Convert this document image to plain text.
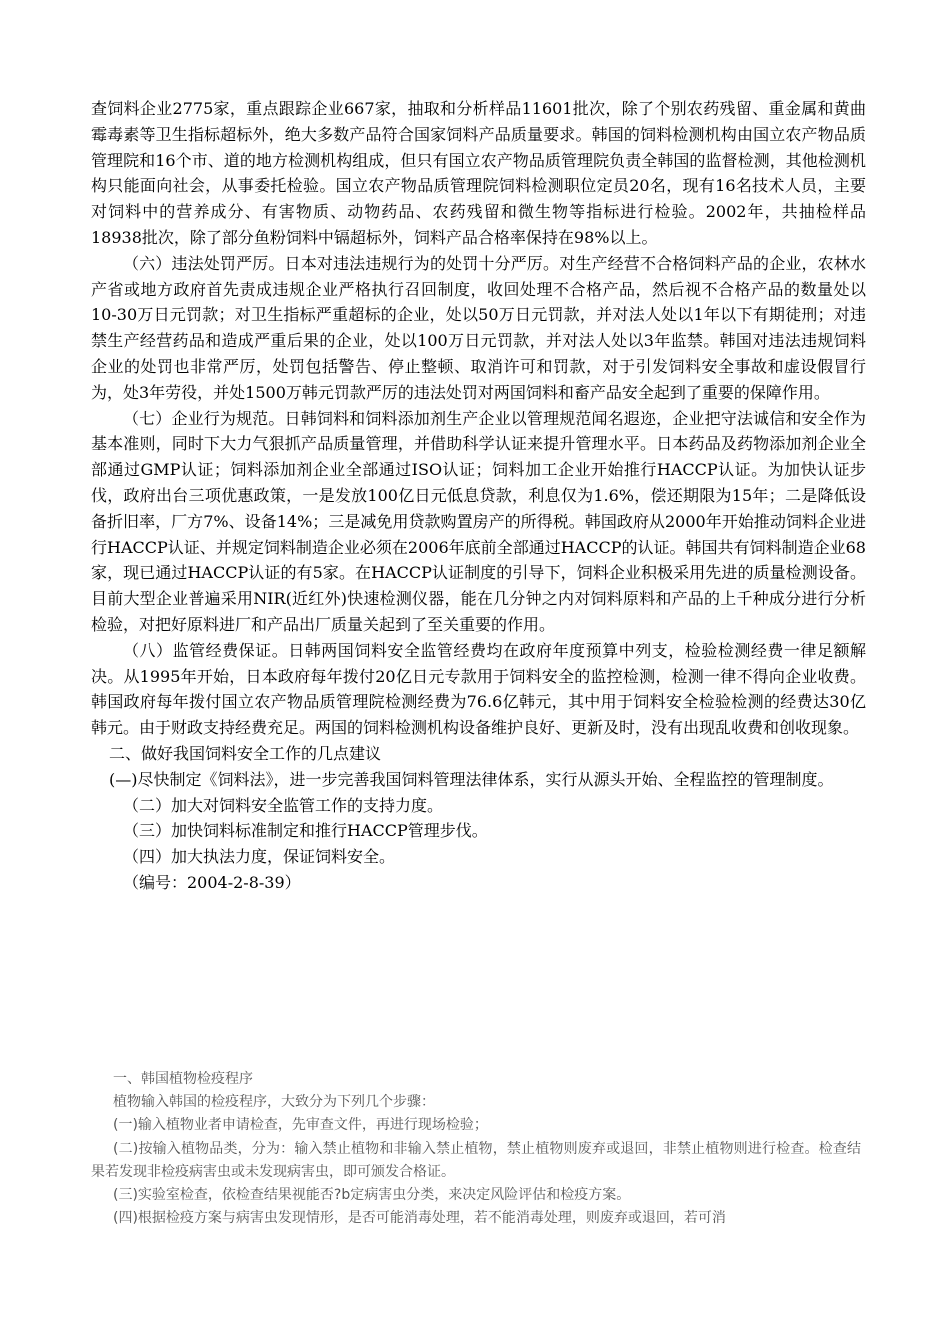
查饲料企业2775家，重点跟踪企业667家，抽取和分析样品11601批次，除了个别农药残留、重金属和黄曲霉毒素等卫生指标超标外，绝大多数产品符合国家饲料产品质量要求。韩国的饲料检测机构由国立农产物品质管理院和16个市、道的地方检测机构组成，但只有国立农产物品质管理院负责全韩国的监督检测，其他检测机构只能面向社会，从事委托检验。国立农产物品质管理院饲料检测职位定员20名，现有16名技术人员，主要对饲料中的营养成分、有害物质、动物药品、农药残留和微生物等指标进行检验。2002年，共抽检样品18938批次，除了部分鱼粉饲料中镉超标外，饲料产品合格率保持在98%以上。

（六）违法处罚严厉。日本对违法违规行为的处罚十分严厉。对生产经营不合格饲料产品的企业，农林水产省或地方政府首先责成违规企业严格执行召回制度，收回处理不合格产品，然后视不合格产品的数量处以10-30万日元罚款；对卫生指标严重超标的企业，处以50万日元罚款，并对法人处以1年以下有期徒刑；对违禁生产经营药品和造成严重后果的企业，处以100万日元罚款，并对法人处以3年监禁。韩国对违法违规饲料企业的处罚也非常严厉，处罚包括警告、停止整顿、取消许可和罚款，对于引发饲料安全事故和虚设假冒行为，处3年劳役，并处1500万韩元罚款严厉的违法处罚对两国饲料和畜产品安全起到了重要的保障作用。

（七）企业行为规范。日韩饲料和饲料添加剂生产企业以管理规范闻名遐迩，企业把守法诚信和安全作为基本准则，同时下大力气狠抓产品质量管理，并借助科学认证来提升管理水平。日本药品及药物添加剂企业全部通过GMP认证；饲料添加剂企业全部通过ISO认证；饲料加工企业开始推行HACCP认证。为加快认证步伐，政府出台三项优惠政策，一是发放100亿日元低息贷款，利息仅为1.6%，偿还期限为15年；二是降低设备折旧率，厂方7%、设备14%；三是减免用贷款购置房产的所得税。韩国政府从2000年开始推动饲料企业进行HACCP认证、并规定饲料制造企业必须在2006年底前全部通过HACCP的认证。韩国共有饲料制造企业68家，现已通过HACCP认证的有5家。在HACCP认证制度的引导下，饲料企业积极采用先进的质量检测设备。目前大型企业普遍采用NIR(近红外)快速检测仪器，能在几分钟之内对饲料原料和产品的上千种成分进行分析检验，对把好原料进厂和产品出厂质量关起到了至关重要的作用。

（八）监管经费保证。日韩两国饲料安全监管经费均在政府年度预算中列支，检验检测经费一律足额解决。从1995年开始，日本政府每年拨付20亿日元专款用于饲料安全的监控检测，检测一律不得向企业收费。韩国政府每年拨付国立农产物品质管理院检测经费为76.6亿韩元，其中用于饲料安全检验检测的经费达30亿韩元。由于财政支持经费充足。两国的饲料检测机构设备维护良好、更新及时，没有出现乱收费和创收现象。

二、做好我国饲料安全工作的几点建议

(—)尽快制定《饲料法》，进一步完善我国饲料管理法律体系，实行从源头开始、全程监控的管理制度。

（二）加大对饲料安全监管工作的支持力度。

（三）加快饲料标准制定和推行HACCP管理步伐。

（四）加大执法力度，保证饲料安全。

（编号：2004-2-8-39）

一、韩国植物检疫程序

植物输入韩国的检疫程序，大致分为下列几个步骤：

(一)输入植物业者申请检查，先审查文件，再进行现场检验；

(二)按输入植物品类，分为：输入禁止植物和非输入禁止植物，禁止植物则废弃或退回，非禁止植物则进行检查。检查结果若发现非检疫病害虫或未发现病害虫，即可颁发合格证。

(三)实验室检查，依检查结果视能否?b定病害虫分类，来决定风险评估和检疫方案。

(四)根据检疫方案与病害虫发现情形，是否可能消毒处理，若不能消毒处理，则废弃或退回，若可消
